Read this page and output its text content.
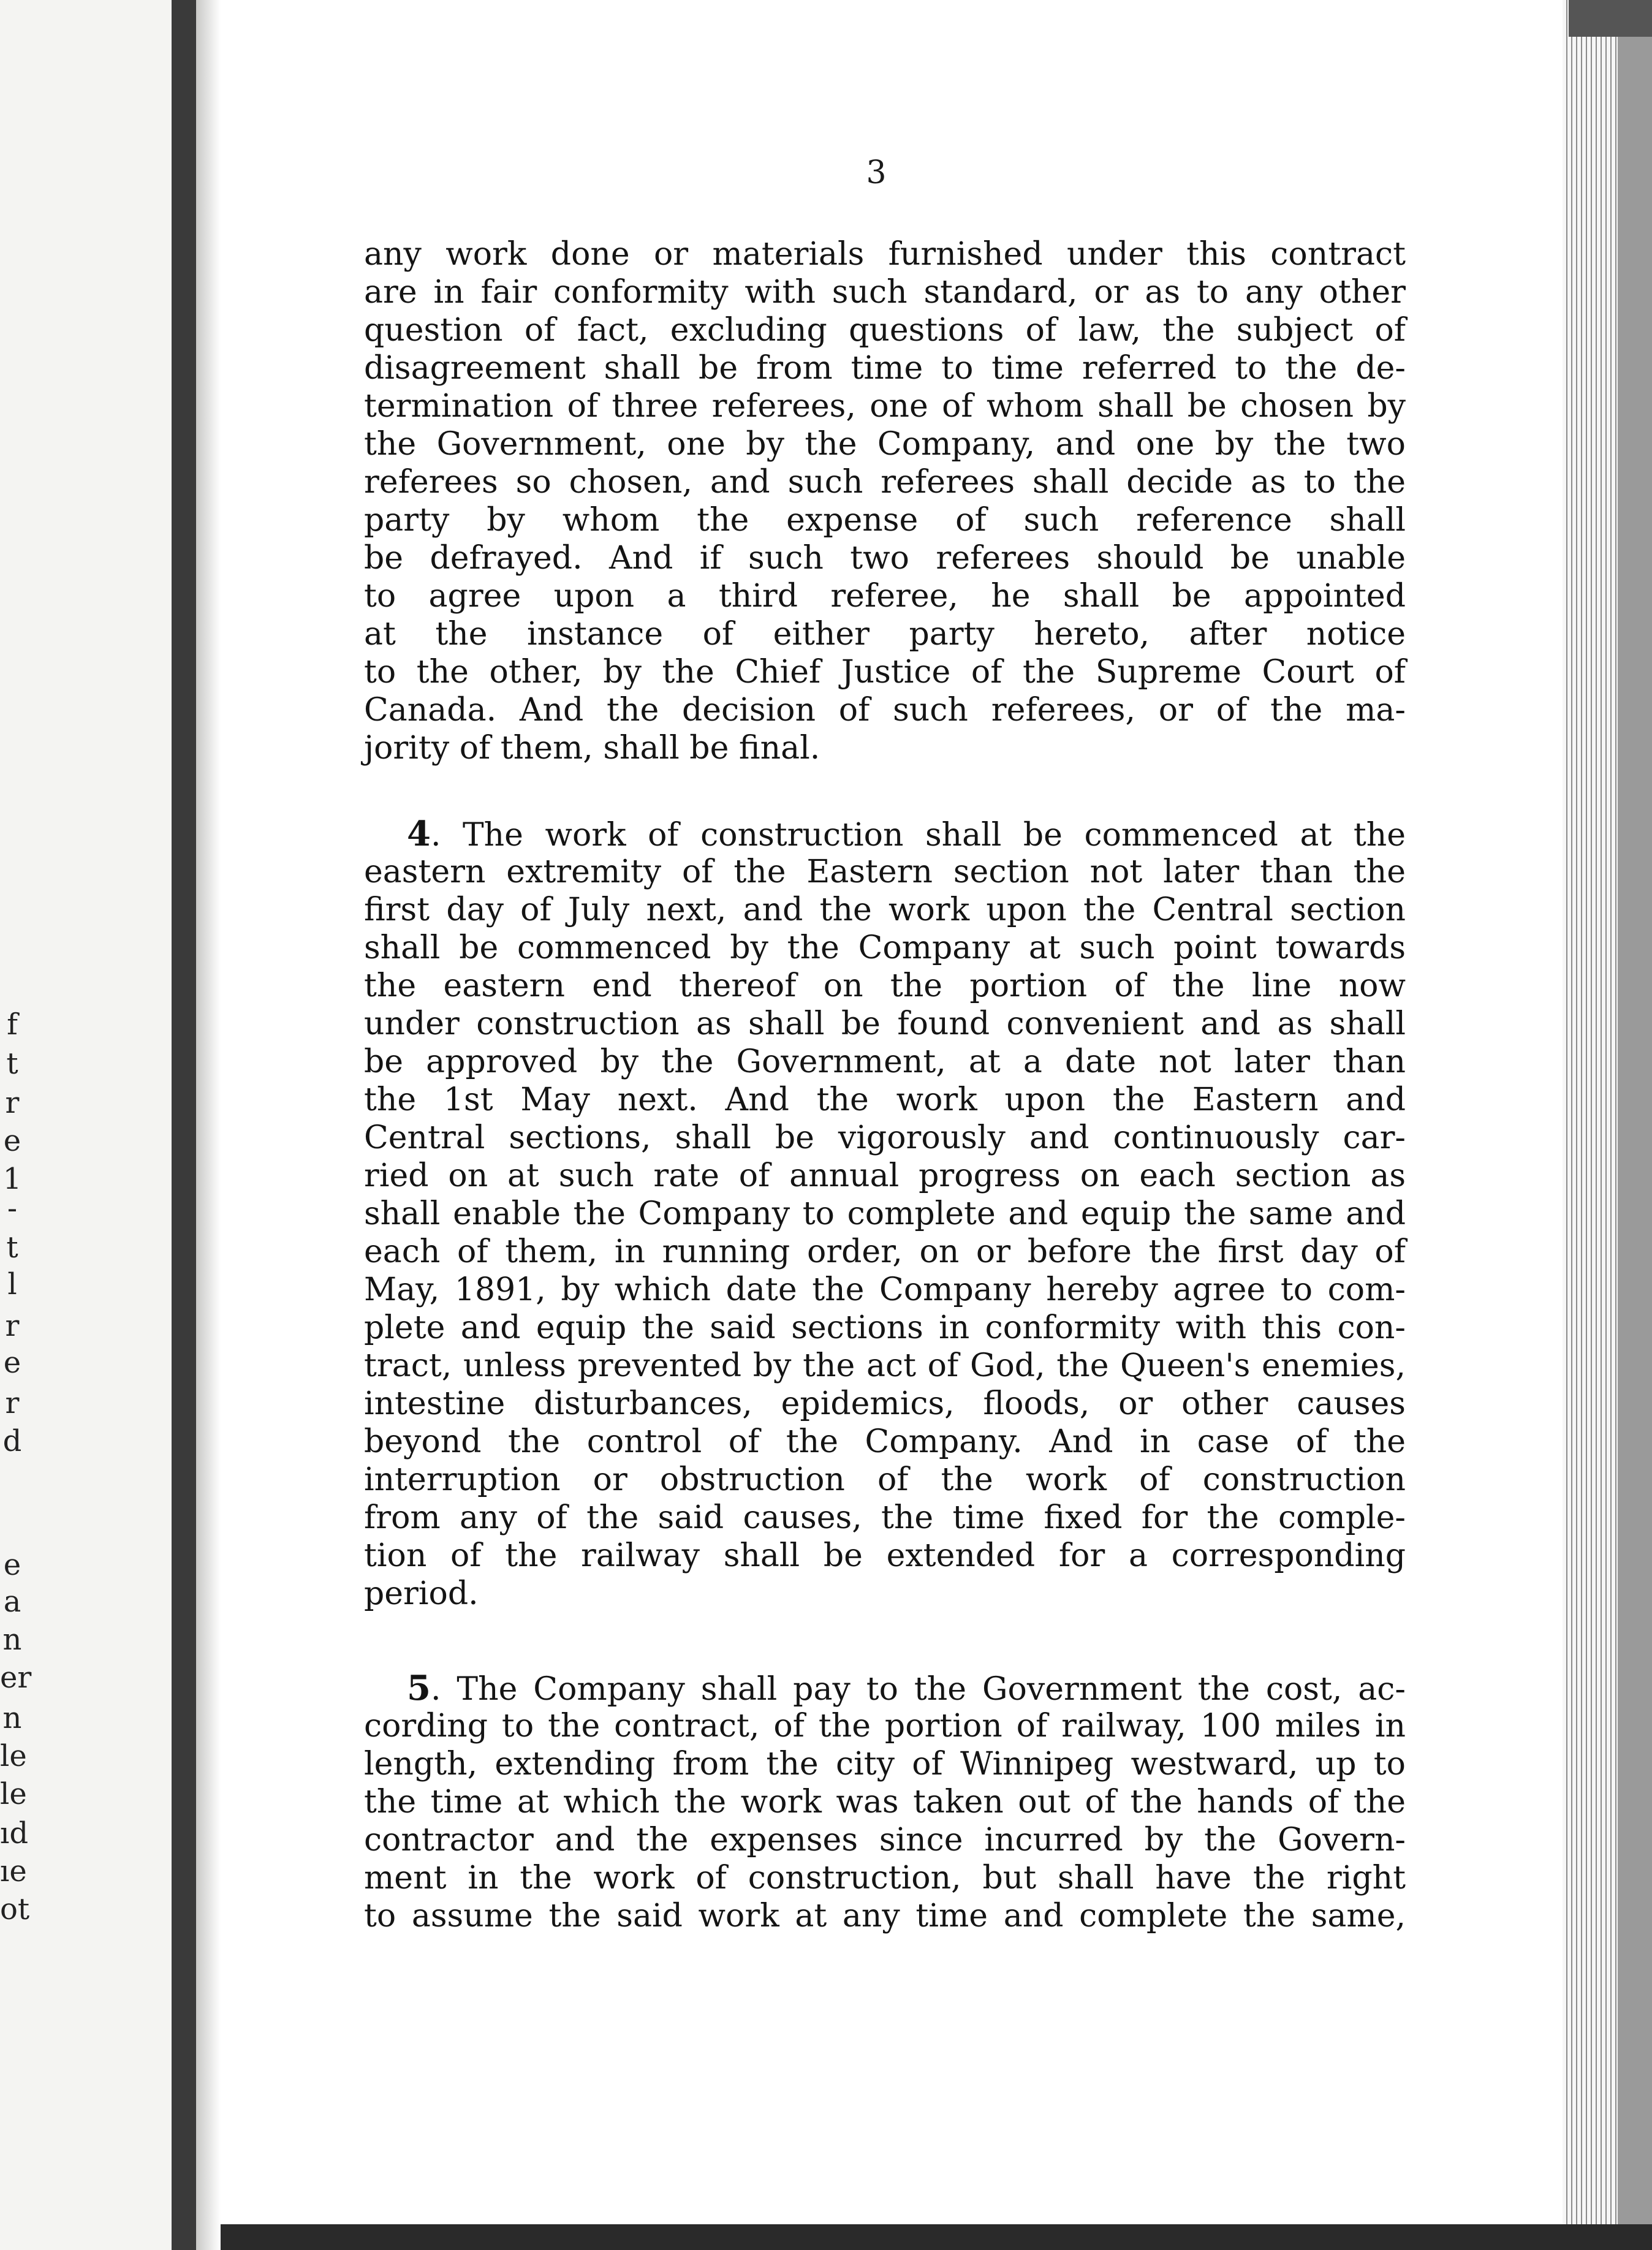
f
t
r
e
1
-
t
l
r
e
r
d
e
a
n
er
n
le
le
ıd
ıe
ot
3
any work done or materials furnished under this contract
are in fair conformity with such standard, or as to any other
question of fact, excluding questions of law, the subject of
disagreement shall be from time to time referred to the de-
termination of three referees, one of whom shall be chosen by
the Government, one by the Company, and one by the two
referees so chosen, and such referees shall decide as to the
party by whom the expense of such reference shall
be defrayed. And if such two referees should be unable
to agree upon a third referee, he shall be appointed
at the instance of either party hereto, after notice
to the other, by the Chief Justice of the Supreme Court of
Canada. And the decision of such referees, or of the ma-
jority of them, shall be final.
4. The work of construction shall be commenced at the
eastern extremity of the Eastern section not later than the
first day of July next, and the work upon the Central section
shall be commenced by the Company at such point towards
the eastern end thereof on the portion of the line now
under construction as shall be found convenient and as shall
be approved by the Government, at a date not later than
the 1st May next. And the work upon the Eastern and
Central sections, shall be vigorously and continuously car-
ried on at such rate of annual progress on each section as
shall enable the Company to complete and equip the same and
each of them, in running order, on or before the first day of
May, 1891, by which date the Company hereby agree to com-
plete and equip the said sections in conformity with this con-
tract, unless prevented by the act of God, the Queen's enemies,
intestine disturbances, epidemics, floods, or other causes
beyond the control of the Company. And in case of the
interruption or obstruction of the work of construction
from any of the said causes, the time fixed for the comple-
tion of the railway shall be extended for a corresponding
period.
5. The Company shall pay to the Government the cost, ac-
cording to the contract, of the portion of railway, 100 miles in
length, extending from the city of Winnipeg westward, up to
the time at which the work was taken out of the hands of the
contractor and the expenses since incurred by the Govern-
ment in the work of construction, but shall have the right
to assume the said work at any time and complete the same,
